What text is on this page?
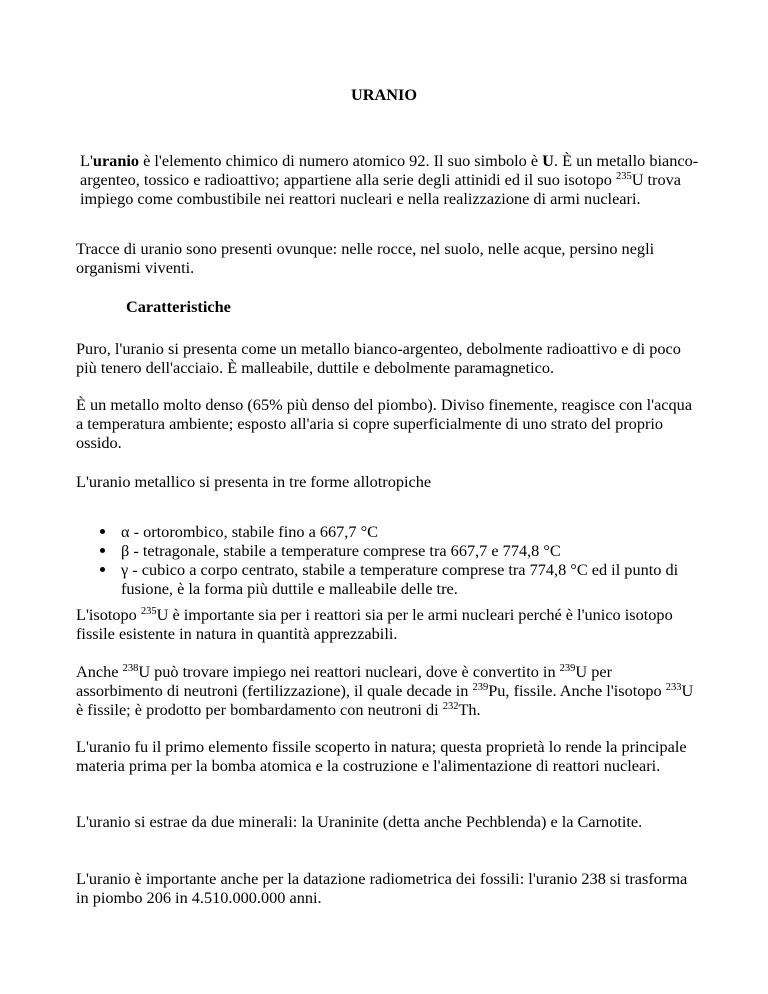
URANIO

L'uranio è l'elemento chimico di numero atomico 92. Il suo simbolo è U. È un metallo bianco-argenteo, tossico e radioattivo; appartiene alla serie degli attinidi ed il suo isotopo $^{235}$U trova impiego come combustibile nei reattori nucleari e nella realizzazione di armi nucleari.

Tracce di uranio sono presenti ovunque: nelle rocce, nel suolo, nelle acque, persino negli organismi viventi.

Caratteristiche

Puro, l'uranio si presenta come un metallo bianco-argenteo, debolmente radioattivo e di poco più tenero dell'acciaio. È malleabile, duttile e debolmente paramagnetico.

È un metallo molto denso (65% più denso del piombo). Diviso finemente, reagisce con l'acqua a temperatura ambiente; esposto all'aria si copre superficialmente di uno strato del proprio ossido.

L'uranio metallico si presenta in tre forme allotropiche

α - ortorombico, stabile fino a 667,7 °C
β - tetragonale, stabile a temperature comprese tra 667,7 e 774,8 °C
γ - cubico a corpo centrato, stabile a temperature comprese tra 774,8 °C ed il punto di fusione, è la forma più duttile e malleabile delle tre.

L'isotopo $^{235}$U è importante sia per i reattori sia per le armi nucleari perché è l'unico isotopo fissile esistente in natura in quantità apprezzabili.

Anche $^{238}$U può trovare impiego nei reattori nucleari, dove è convertito in $^{239}$U per assorbimento di neutroni (fertilizzazione), il quale decade in $^{239}$Pu, fissile. Anche l'isotopo $^{233}$U è fissile; è prodotto per bombardamento con neutroni di $^{232}$Th.

L'uranio fu il primo elemento fissile scoperto in natura; questa proprietà lo rende la principale materia prima per la bomba atomica e la costruzione e l'alimentazione di reattori nucleari.

L'uranio si estrae da due minerali: la Uraninite (detta anche Pechblenda) e la Carnotite.

L'uranio è importante anche per la datazione radiometrica dei fossili: l'uranio 238 si trasforma in piombo 206 in 4.510.000.000 anni.
